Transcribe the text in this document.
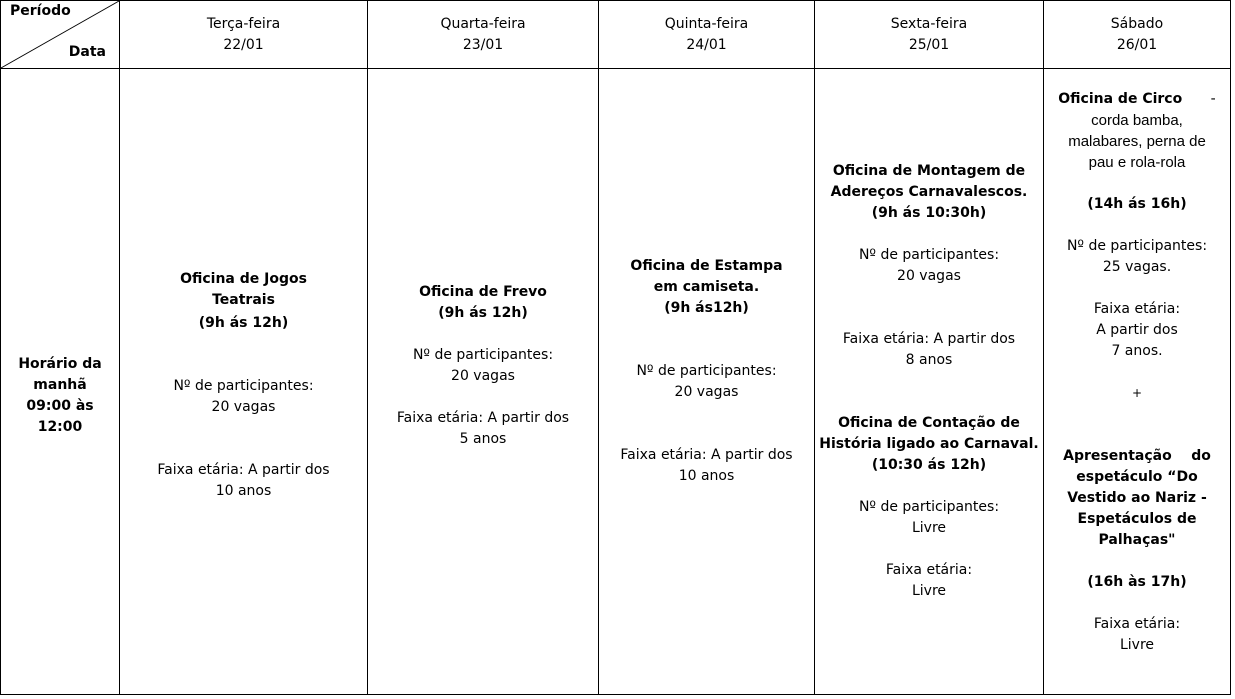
Período
Data
Terça-feira
22/01
Quarta-feira
23/01
Quinta-feira
24/01
Sexta-feira
25/01
Sábado
26/01
Horário da
manhã
09:00 às
12:00
Oficina de Jogos
Teatrais
(9h ás 12h)
Nº de participantes:
20 vagas
Faixa etária: A partir dos
10 anos
Oficina de Frevo
(9h ás 12h)
Nº de participantes:
20 vagas
Faixa etária: A partir dos
5 anos
Oficina de Estampa
em camiseta.
(9h ás12h)
Nº de participantes:
20 vagas
Faixa etária: A partir dos
10 anos
Oficina de Montagem de
Adereços Carnavalescos.
(9h ás 10:30h)
Nº de participantes:
20 vagas
Faixa etária: A partir dos
8 anos
Oficina de Contação de
História ligado ao Carnaval.
(10:30 ás 12h)
Nº de participantes:
Livre
Faixa etária:
Livre
Oficina de Circo -
corda bamba,
malabares, perna de
pau e rola-rola
(14h ás 16h)
Nº de participantes:
25 vagas.
Faixa etária:
A partir dos
7 anos.
+
Apresentação    do
espetáculo “Do
Vestido ao Nariz -
Espetáculos de
Palhaças"
(16h às 17h)
Faixa etária:
Livre
